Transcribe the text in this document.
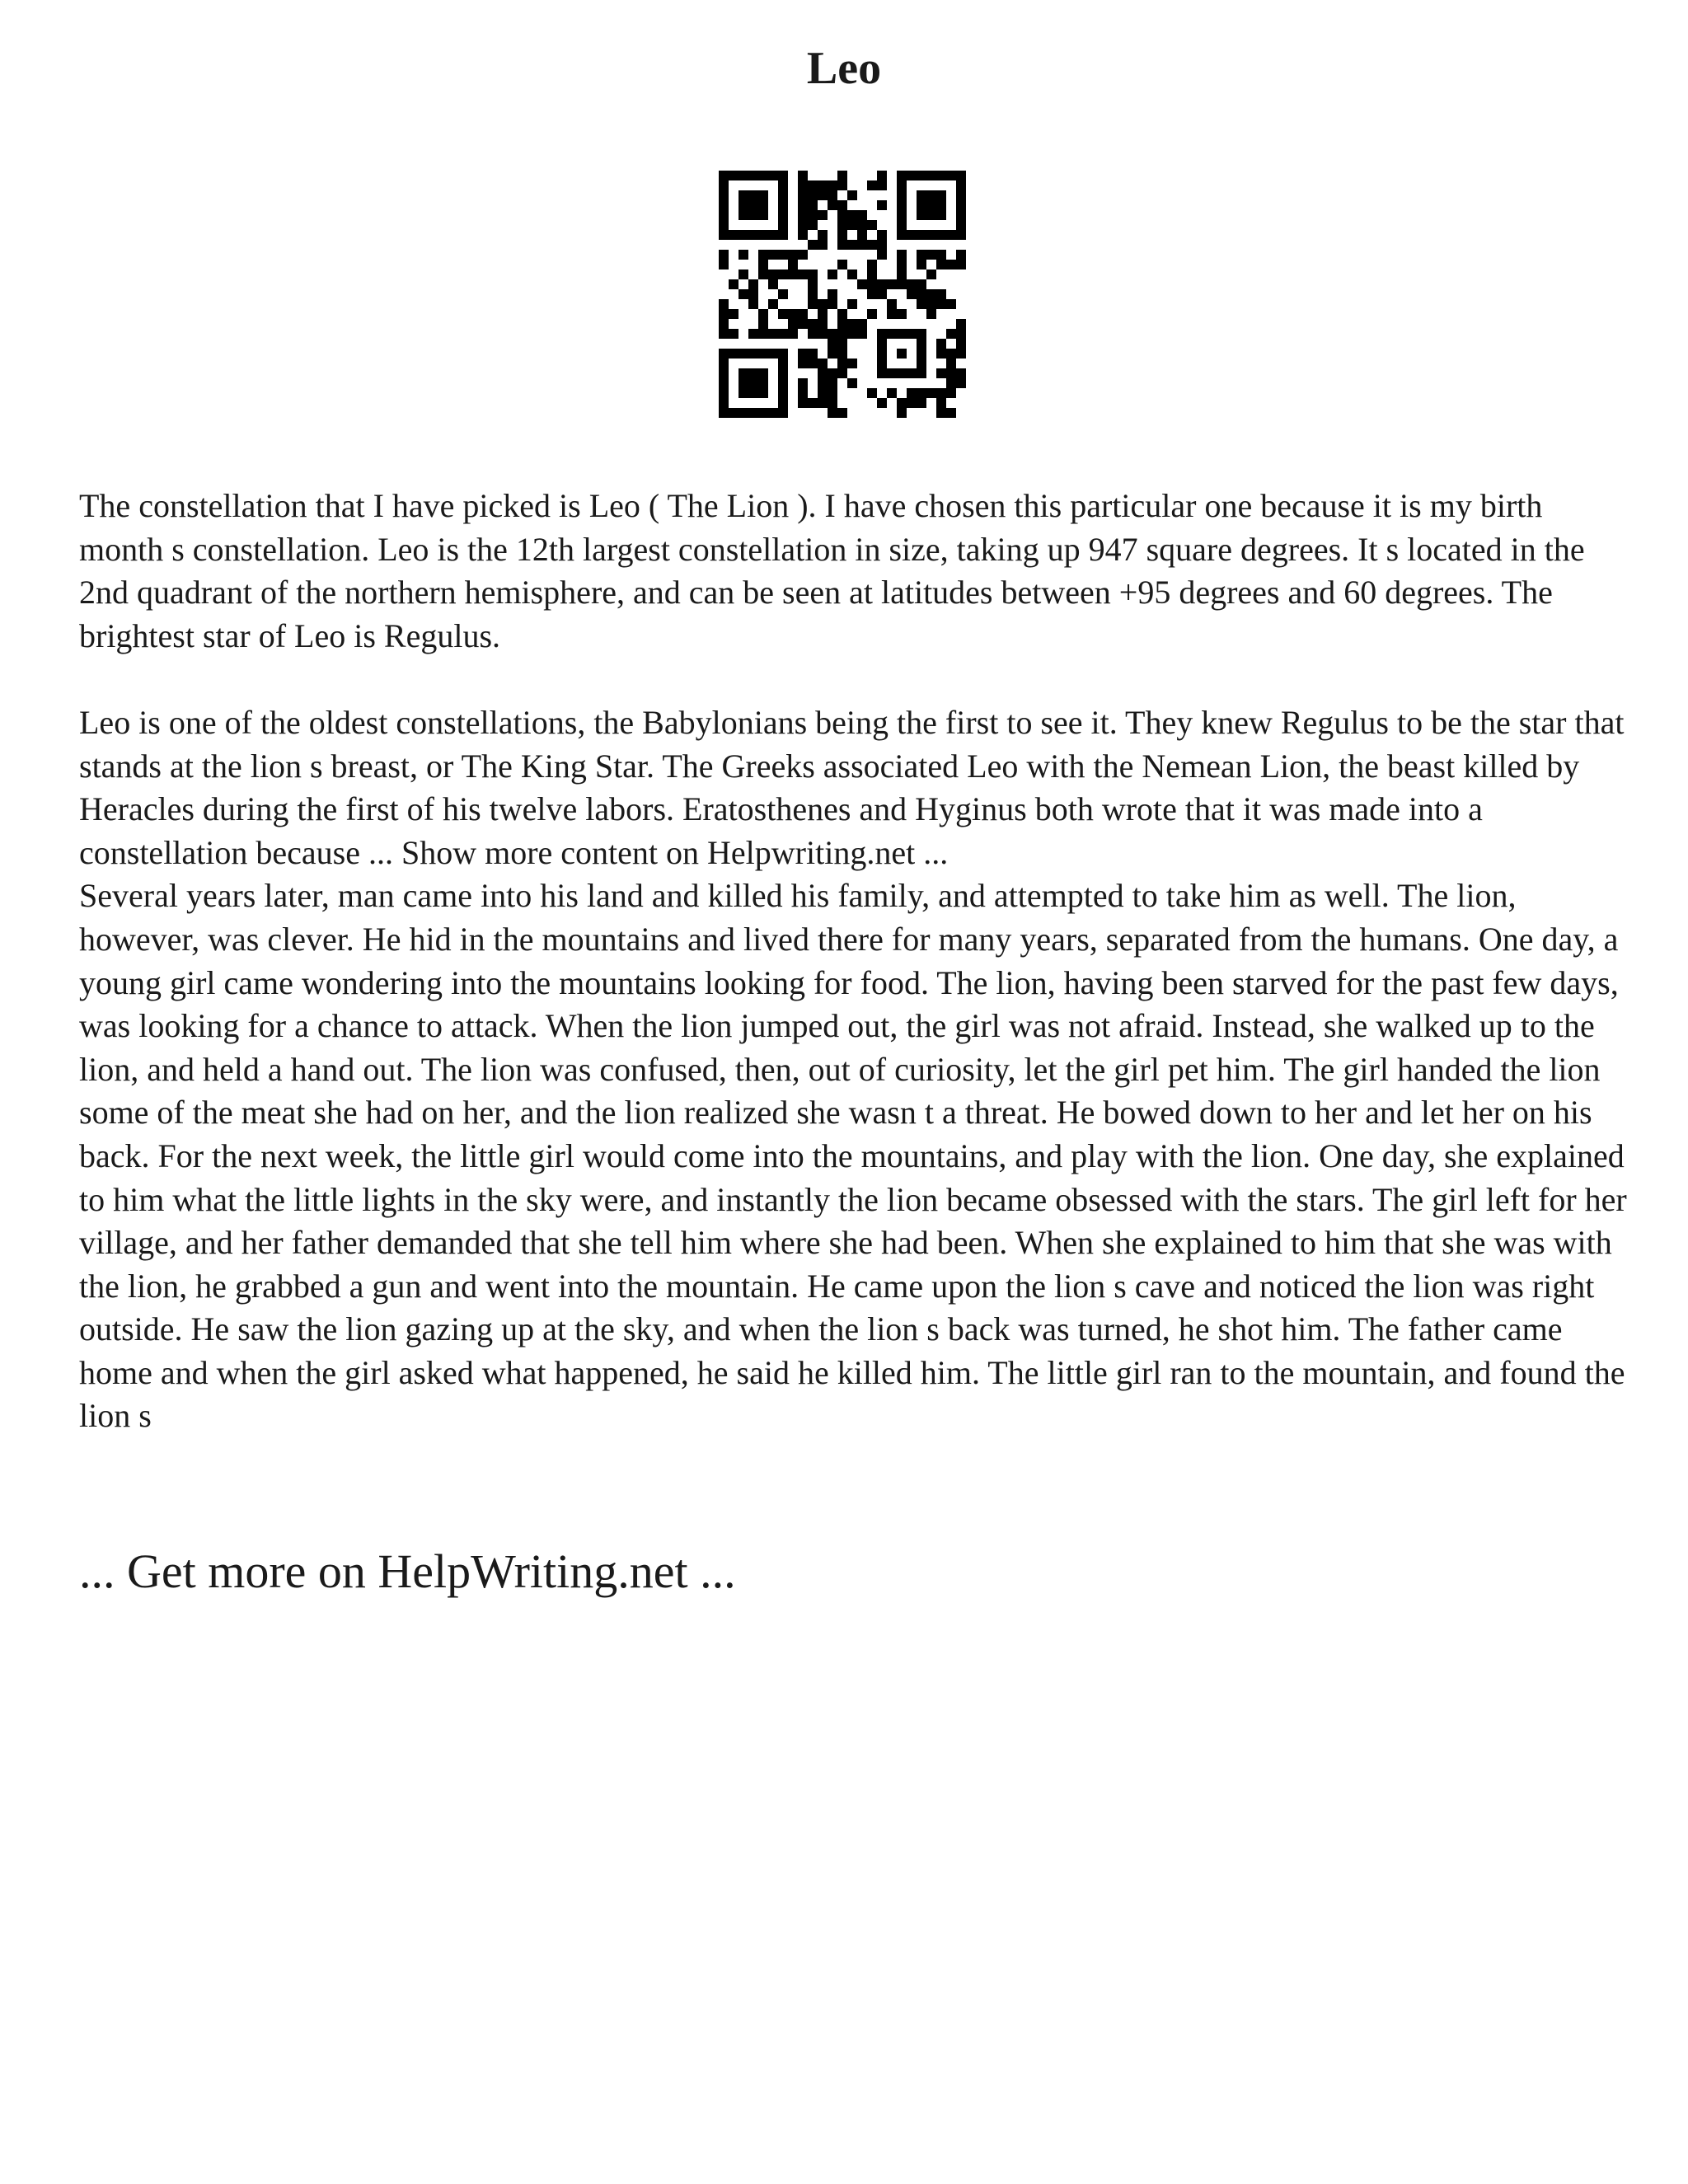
Leo

The constellation that I have picked is Leo ( The Lion ). I have chosen this particular one because it is my birth month s constellation. Leo is the 12th largest constellation in size, taking up 947 square degrees. It s located in the 2nd quadrant of the northern hemisphere, and can be seen at latitudes between +95 degrees and 60 degrees. The brightest star of Leo is Regulus.

Leo is one of the oldest constellations, the Babylonians being the first to see it. They knew Regulus to be the star that stands at the lion s breast, or The King Star. The Greeks associated Leo with the Nemean Lion, the beast killed by Heracles during the first of his twelve labors. Eratosthenes and Hyginus both wrote that it was made into a constellation because ... Show more content on Helpwriting.net ...

Several years later, man came into his land and killed his family, and attempted to take him as well. The lion, however, was clever. He hid in the mountains and lived there for many years, separated from the humans. One day, a young girl came wondering into the mountains looking for food. The lion, having been starved for the past few days, was looking for a chance to attack. When the lion jumped out, the girl was not afraid. Instead, she walked up to the lion, and held a hand out. The lion was confused, then, out of curiosity, let the girl pet him. The girl handed the lion some of the meat she had on her, and the lion realized she wasn t a threat. He bowed down to her and let her on his back. For the next week, the little girl would come into the mountains, and play with the lion. One day, she explained to him what the little lights in the sky were, and instantly the lion became obsessed with the stars. The girl left for her village, and her father demanded that she tell him where she had been. When she explained to him that she was with the lion, he grabbed a gun and went into the mountain. He came upon the lion s cave and noticed the lion was right outside. He saw the lion gazing up at the sky, and when the lion s back was turned, he shot him. The father came home and when the girl asked what happened, he said he killed him. The little girl ran to the mountain, and found the lion s

... Get more on HelpWriting.net ...
